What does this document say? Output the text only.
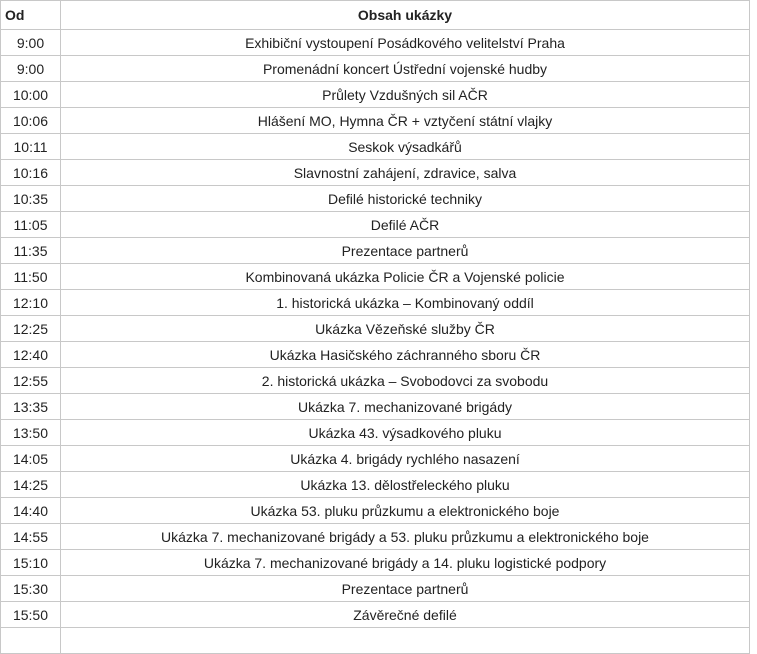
Od	Obsah ukázky
9:00	Exhibiční vystoupení Posádkového velitelství Praha
9:00	Promenádní koncert Ústřední vojenské hudby
10:00	Průlety Vzdušných sil AČR
10:06	Hlášení MO, Hymna ČR + vztyčení státní vlajky
10:11	Seskok výsadkářů
10:16	Slavnostní zahájení, zdravice, salva
10:35	Defilé historické techniky
11:05	Defilé AČR
11:35	Prezentace partnerů
11:50	Kombinovaná ukázka Policie ČR a Vojenské policie
12:10	1. historická ukázka – Kombinovaný oddíl
12:25	Ukázka Vězeňské služby ČR
12:40	Ukázka Hasičského záchranného sboru ČR
12:55	2. historická ukázka – Svobodovci za svobodu
13:35	Ukázka 7. mechanizované brigády
13:50	Ukázka 43. výsadkového pluku
14:05	Ukázka 4. brigády rychlého nasazení
14:25	Ukázka 13. dělostřeleckého pluku
14:40	Ukázka 53. pluku průzkumu a elektronického boje
14:55	Ukázka 7. mechanizované brigády a 53. pluku průzkumu a elektronického boje
15:10	Ukázka 7. mechanizované brigády a 14. pluku logistické podpory
15:30	Prezentace partnerů
15:50	Závěrečné defilé
